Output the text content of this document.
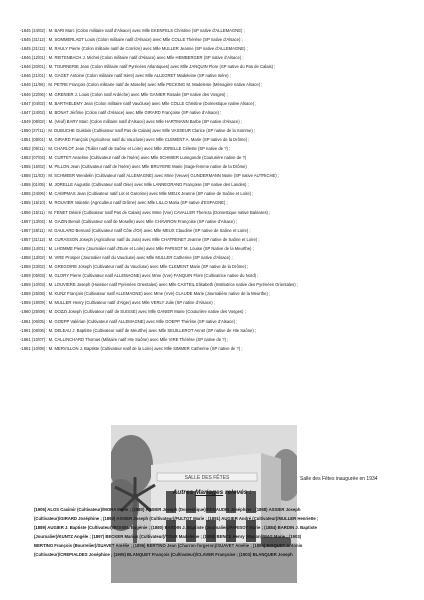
-1845 (24/02) : M. BARI Marc (Colon militaire natif d'Alsace) avec Mlle EKENFELS Christine (SP native d'ALLEMAGNE) ;
-1845 (31/12) : M. SOMMERLADT Louis (Colon militaire natif d'Alsace) avec Mlle COLLE Thérèse (SP native d'Alsace) ;
-1845 (31/12) : M. RAULY Pierre (Colon militaire natif de Corrèze) avec Mlle MULLER Jeanne (SP native d'ALLEMAGNE) ;
-1846 (12/01) : M. REITENBACH J. Michel (Colon militaire natif d'Alsace) avec Mlle HEMBERGER (SP native d'Alsace) ;
-1846 (20/01) : M. TOURNERIE Jean (Colon militaire natif Pyrénées Atlantiques) avec Mlle JANQUIN Flore (SP native du Pas de Calais) ;
-1846 (21/01) : M. GAGET Antoine (Colon militaire natif Isère) avec Mlle ALLEGRET Madeleine (SP native Isère) ;
-1846 (11/06) : M. PETRE François (Colon militaire natif de Moselle) avec Mlle PECKING M. Madeleine (Ménagère native Alsace) ;
-1846 (22/06) : M. GRENIER J. Louis (Colon natif Ardèche) avec Mlle GANIER Rosalie (SP native des Vosges) ;
-1847 (04/02) : M. BARTHELEMY Jean (Colon militaire natif Vaucluse) avec Mlle COLLE Christine (Domestique native Alsace) ;
-1847 (24/02) : M. BONAT Jérôme (Colon natif d'Alsace) avec Mlle GIRARD Françoise (SP native d'Alsace) ;
-1849 (08/02) : M. (Veuf) BARY Marc (Colon militaire natif d'Alsace) avec Mlle HARTMANN Barbe (SP native d'Alsace) ;
-1850 (27/11) : M. DUBUCHE Guislain (Cultivateur natif Pas de Calais) avec Mlle VASSEUR Clarice (SP native de la Somme) ;
-1851 (08/01) : M. GIRARD François (Agriculteur natif du Vaucluse) avec Mlle CLEMENT A. Marie (SP native de la Drôme) ;
-1852 (09/11) : M. CHARLOT Jean (Tuilier natif de Saône et Loire) avec Mlle JORELLE Céleste (SP native de ?) ;
-1853 (07/04) : M. CURTET Anselme (Cultivateur natif de l'Isère) avec Mlle SCHMIER Lunegonde (Couturière native de ?)
-1855 (15/02) : M. PILLON Jean (Cultivateur natif de l'Isère) avec Mlle BRUYERE Marie (Sage-femme native de la Drôme)
-1855 (11/03) : M. SCHMEER Wendelin (Cultivateur natif ALLEMAGNE) avec Mme (Veuve) GUNDERMANN Marie (SP native AUTRICHE) ;
-1855 (01/05) : M. JORELLE Augustin (Cultivateur natif Oise) avec Mlle LANNEGRAND Françoise (SP native des Landes) ;
-1855 (24/06) : M. CAMPMAS Jean (Cultivateur natif Lot et Garonne) avec Mlle MEUX Jeanne (SP native de Saône et Loire) ;
-1855 (15/10) : M. ROUVIER Valentin (Agriculteur natif Drôme) avec Mlle LILLO Maria (SP native d'ESPAGNE) ;
-1856 (15/11) : M. FENET Désiré (Cultivateur natif Pas de Calais) avec Mme (Vve) CAVALLER Thereza (Domestique native Baléares) ;
-1857 (13/04) : M. GAZIN Benoit (Cultivateur natif de Moselle) avec Mlle CHAVIRON Françoise (SP native d'Alsace) ;
-1857 (28/11) : M. GAULARD Bernard (Cultivateur natif Côte d'Or) avec Mlle MEUX Claudine (SP native de Saône et Loire) ;
-1857 (31/12) : M. CURASSON Joseph (Agriculteur natif du Jura) avec Mlle CHATRENET Jeanne (SP native de Saône et Loire) ;
-1858 (14/01) : M. LHOMME Pierre (Journalier natif d'Eure et Loire) avec Mlle PARISOT M. Louise (SP Native de la Meurthe) ;
-1858 (13/02) : M. VIRE Prosper (Journalier natif du Vaucluse) avec Mlle MULLER Catherine (SP native d'Alsace) ;
-1858 (23/02) : M. GREGOIRE Joseph (Cultivateur natif du Vaucluse) avec Mlle CLEMENT Marie (SP native de la Drôme) ;
-1859 (05/03) : M. GLORY Pierre (Cultivateur natif ALLEMAGNE) avec Mme (Vve) FANQUIN Flore (Cultivatrice native du Nord) ;
-1859 (10/03) : M. LOUVIERE Joseph (Huissier natif Pyrénées Orientales) avec Mlle CASTEIL Elisabeth (Institutrice native des Pyrénées Orientales) ;
-1859 (25/08) : M. KUNZ François (Cultivateur natif ALLEMAGNE) avec Mme (Vve) CLAUDE Marie (Journalière native de la Meurthe) ;
-1859 (19/09) : M. MULLER Henry (Cultivateur natif d'Alger) avec Mlle VERLY Julie (SP native d'Alsace) ;
-1860 (25/08) : M. DOZZI Joseph (Cultivateur natif de SUISSE) avec Mlle GANIER Marie (Couturière native des Vosges) ;
-1861 (06/05) : M. GOEPP Valérian (Cultivateur natif ALLEMAGNE) avec Mlle GOEPP Thérèse (SP native d'Alsace) ;
-1861 (06/06) : M. DELEAU J. Baptiste (Cultivateur natif de Meurthe) avec Mlle SEUILLEROT Annet (SP native de Hte Saône) ;
-1861 (10/07) : M. CALLINCHARD Thomas (Militaire natif Hte Saône) avec Mlle VIRE Thérèse (SP native de ?) ;
-1861 (10/08) : M. MERVILLON J. Baptiste (Cultivateur natif de la Loire) avec Mlle SIMMER Catherine (SP native de ?) ;
SALLE DES FÊTES	Salle des Fêtes inaugurée en 1934
Autres Mariages relevés :
(1905) ALOS Casimir (Cultivateur)/MORA Marie ; (1880) ASSIER Joseph (Domestique)/RENAUDIN Joséphine ; (1888) ASSIER Joseph
(Cultivateur)/GIRARD Joséphine ; (1893) ASSIER Joseph (Cultivateur)/FULTOT Marie ; (1891) AUGIER André (Cultivateur)/MULLER Henriette ;
(1889) AUGIER J. Baptiste (Cultivateur)/BOISEL Eugénie ; (1880) BARDIN J. Baptiste (Journalier)/PARISOT Marie ; (1884) BARDIN J. Baptiste
(Journalier)/KUNTZ Angèle ; (1897) BECKER Marius (Cultivateur)/TOUR Madeleine ; (1888) BENCE Henry (Maçon)/MAS Marie ; (1903)
BERTINO François (Bourrelier)/SUAVET Amélie ; (1896) BERTINO Jean (Charron-forgeron)/SUAVET Amélie ; (1894) BISQUET Antonio
(Cultivateur)/CREPIALDES Joséphine ; (1905) BLANQUET François (Cultivateur)/CLAVER Françoise ; (1903) BLANQUER Joseph
